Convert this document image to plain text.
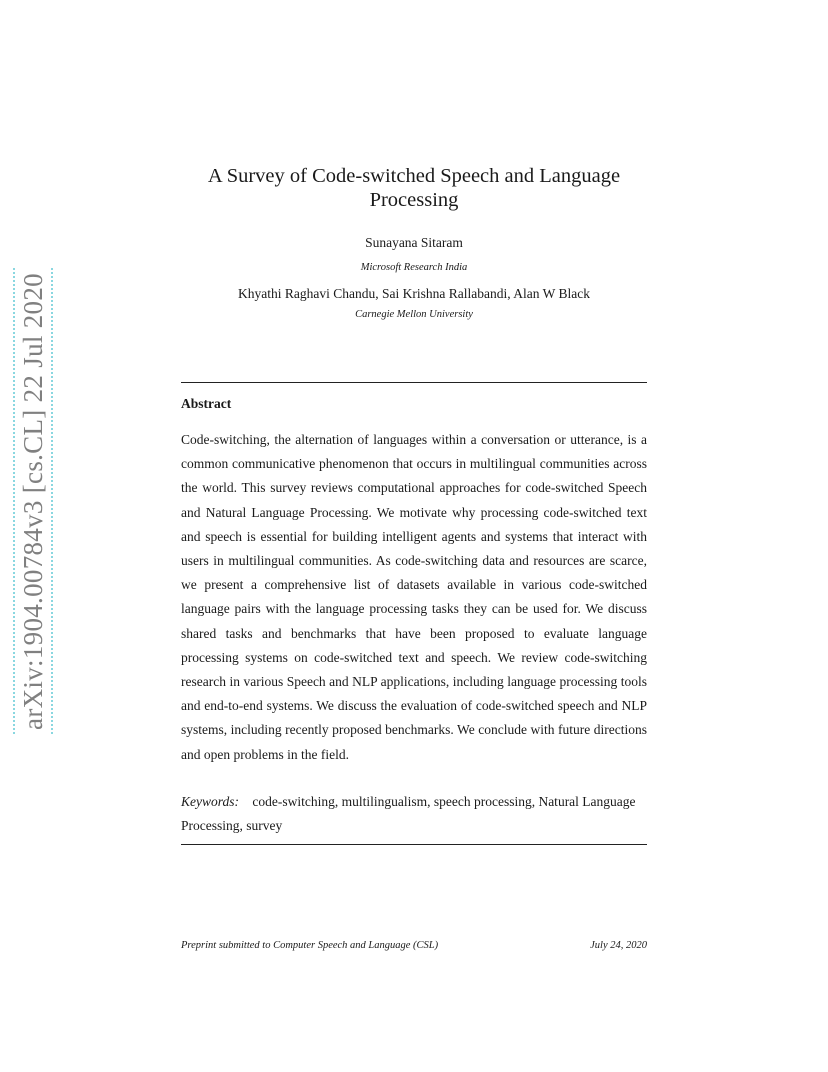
arXiv:1904.00784v3 [cs.CL] 22 Jul 2020
A Survey of Code-switched Speech and Language Processing
Sunayana Sitaram
Microsoft Research India
Khyathi Raghavi Chandu, Sai Krishna Rallabandi, Alan W Black
Carnegie Mellon University
Abstract
Code-switching, the alternation of languages within a conversation or utterance, is a common communicative phenomenon that occurs in multilingual communities across the world. This survey reviews computational approaches for code-switched Speech and Natural Language Processing. We motivate why processing code-switched text and speech is essential for building intelligent agents and systems that interact with users in multilingual communities. As code-switching data and resources are scarce, we present a comprehensive list of datasets available in various code-switched language pairs with the language processing tasks they can be used for. We discuss shared tasks and benchmarks that have been proposed to evaluate language processing systems on code-switched text and speech. We review code-switching research in various Speech and NLP applications, including language processing tools and end-to-end systems. We discuss the evaluation of code-switched speech and NLP systems, including recently proposed benchmarks. We conclude with future directions and open problems in the field.
Keywords: code-switching, multilingualism, speech processing, Natural Language Processing, survey
Preprint submitted to Computer Speech and Language (CSL)	July 24, 2020
